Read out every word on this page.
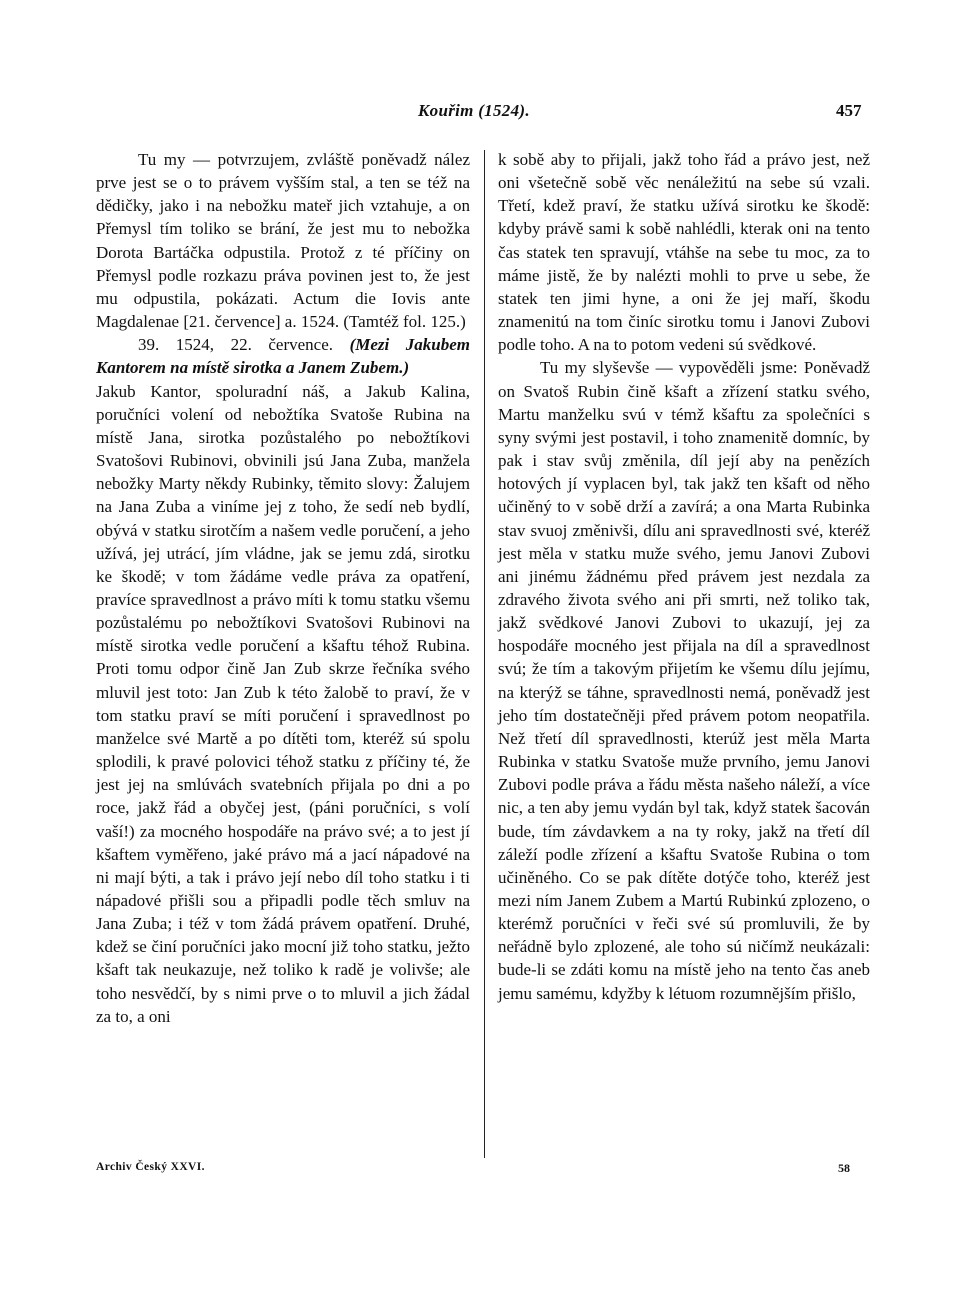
Kouřim (1524).	457

Tu my — potvrzujem, zvláště poněvadž nález prve jest se o to právem vyšším stal, a ten se též na dědičky, jako i na nebožku mateř jich vztahuje, a on Přemysl tím toliko se brání, že jest mu to nebožka Dorota Bartáčka odpustila. Protož z té příčiny on Přemysl podle rozkazu práva povinen jest to, že jest mu odpustila, pokázati. Actum die Iovis ante Magdalenae [21. července] a. 1524. (Tamtéž fol. 125.)

39. 1524, 22. července. (Mezi Jakubem Kantorem na místě sirotka a Janem Zubem.)

Jakub Kantor, spoluradní náš, a Jakub Kalina, poručníci volení od nebožtíka Svatoše Rubina na místě Jana, sirotka pozůstalého po nebožtíkovi Svatošovi Rubinovi, obvinili jsú Jana Zuba, manžela nebožky Marty někdy Rubinky, těmito slovy: Žalujem na Jana Zuba a viníme jej z toho, že sedí neb bydlí, obývá v statku sirotčím a našem vedle poručení, a jeho užívá, jej utrácí, jím vládne, jak se jemu zdá, sirotku ke škodě; v tom žádáme vedle práva za opatření, pravíce spravedlnost a právo míti k tomu statku všemu pozůstalému po nebožtíkovi Svatošovi Rubinovi na místě sirotka vedle poručení a kšaftu téhož Rubina. Proti tomu odpor čině Jan Zub skrze řečníka svého mluvil jest toto: Jan Zub k této žalobě to praví, že v tom statku praví se míti poručení i spravedlnost po manželce své Martě a po dítěti tom, kteréž sú spolu splodili, k pravé polovici téhož statku z příčiny té, že jest jej na smlúvách svatebních přijala po dni a po roce, jakž řád a obyčej jest, (páni poručníci, s volí vaší!) za mocného hospodáře na právo své; a to jest jí kšaftem vyměřeno, jaké právo má a jací nápadové na ni mají býti, a tak i právo její nebo díl toho statku i ti nápadové přišli sou a připadli podle těch smluv na Jana Zuba; i též v tom žádá právem opatření. Druhé, kdež se činí poručníci jako mocní již toho statku, ježto kšaft tak neukazuje, než toliko k radě je volivše; ale toho nesvědčí, by s nimi prve o to mluvil a jich žádal za to, a oni

k sobě aby to přijali, jakž toho řád a právo jest, než oni všetečně sobě věc nenáležitú na sebe sú vzali. Třetí, kdež praví, že statku užívá sirotku ke škodě: kdyby právě sami k sobě nahlédli, kterak oni na tento čas statek ten spravují, vtáhše na sebe tu moc, za to máme jistě, že by nalézti mohli to prve u sebe, že statek ten jimi hyne, a oni že jej maří, škodu znamenitú na tom činíc sirotku tomu i Janovi Zubovi podle toho. A na to potom vedeni sú svědkové.

Tu my slyševše — vypověděli jsme: Poněvadž on Svatoš Rubin čině kšaft a zřízení statku svého, Martu manželku svú v témž kšaftu za společníci s syny svými jest postavil, i toho znamenitě domníc, by pak i stav svůj změnila, díl její aby na penězích hotových jí vyplacen byl, tak jakž ten kšaft od něho učiněný to v sobě drží a zavírá; a ona Marta Rubinka stav svuoj změnivši, dílu ani spravedlnosti své, kteréž jest měla v statku muže svého, jemu Janovi Zubovi ani jinému žádnému před právem jest nezdala za zdravého života svého ani při smrti, než toliko tak, jakž svědkové Janovi Zubovi to ukazují, jej za hospodáře mocného jest přijala na díl a spravedlnost svú; že tím a takovým přijetím ke všemu dílu jejímu, na kterýž se táhne, spravedlnosti nemá, poněvadž jest jeho tím dostatečněji před právem potom neopatřila. Než třetí díl spravedlnosti, kterúž jest měla Marta Rubinka v statku Svatoše muže prvního, jemu Janovi Zubovi podle práva a řádu města našeho náleží, a více nic, a ten aby jemu vydán byl tak, když statek šacován bude, tím závdavkem a na ty roky, jakž na třetí díl záleží podle zřízení a kšaftu Svatoše Rubina o tom učiněného. Co se pak dítěte dotýče toho, kteréž jest mezi ním Janem Zubem a Martú Rubinkú zplozeno, o kterémž poručníci v řeči své sú promluvili, že by neřádně bylo zplozené, ale toho sú ničímž neukázali: bude-li se zdáti komu na místě jeho na tento čas aneb jemu samému, kdyžby k létuom rozumnějším přišlo,

Archiv Český XXVI.	58
